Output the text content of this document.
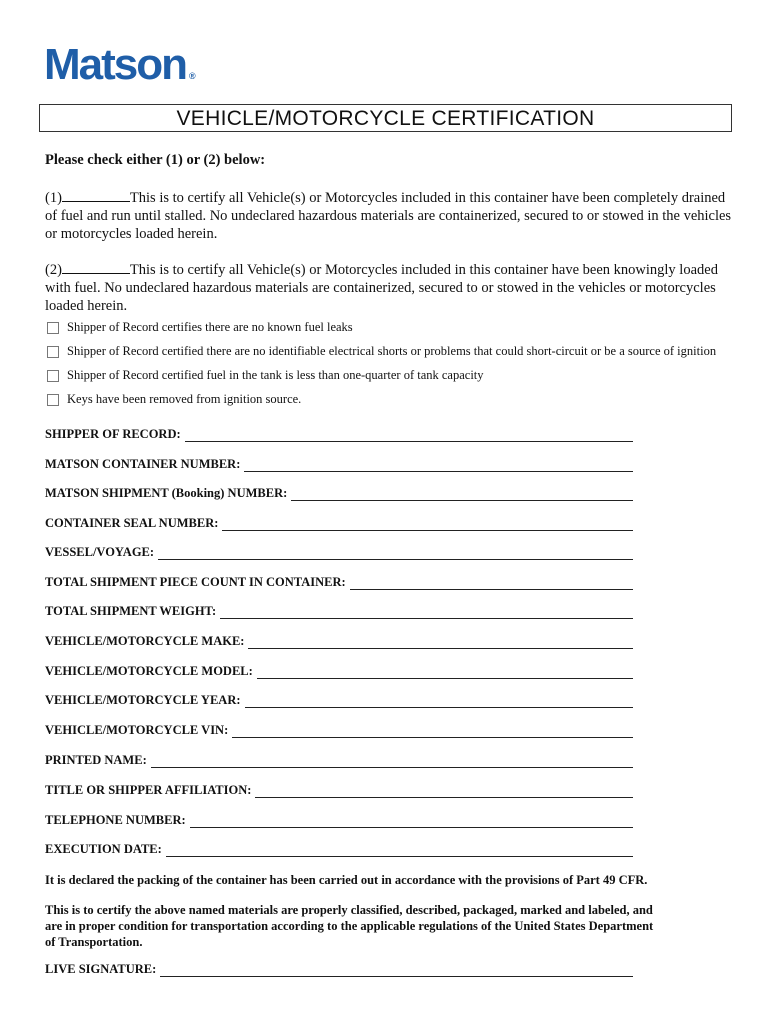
Matson ®
VEHICLE/MOTORCYCLE CERTIFICATION
Please check either (1) or (2) below:
(1)	This is to certify all Vehicle(s) or Motorcycles included in this container have been completely drained of fuel and run until stalled. No undeclared hazardous materials are containerized, secured to or stowed in the vehicles or motorcycles loaded herein.
(2)	This is to certify all Vehicle(s) or Motorcycles included in this container have been knowingly loaded with fuel. No undeclared hazardous materials are containerized, secured to or stowed in the vehicles or motorcycles loaded herein.
Shipper of Record certifies there are no known fuel leaks
Shipper of Record certified there are no identifiable electrical shorts or problems that could short-circuit or be a source of ignition
Shipper of Record certified fuel in the tank is less than one-quarter of tank capacity
Keys have been removed from ignition source.
SHIPPER OF RECORD:
MATSON CONTAINER NUMBER:
MATSON SHIPMENT (Booking) NUMBER:
CONTAINER SEAL NUMBER:
VESSEL/VOYAGE:
TOTAL SHIPMENT PIECE COUNT IN CONTAINER:
TOTAL SHIPMENT WEIGHT:
VEHICLE/MOTORCYCLE MAKE:
VEHICLE/MOTORCYCLE MODEL:
VEHICLE/MOTORCYCLE YEAR:
VEHICLE/MOTORCYCLE VIN:
PRINTED NAME:
TITLE OR SHIPPER AFFILIATION:
TELEPHONE NUMBER:
EXECUTION DATE:
It is declared the packing of the container has been carried out in accordance with the provisions of Part 49 CFR.
This is to certify the above named materials are properly classified, described, packaged, marked and labeled, and are in proper condition for transportation according to the applicable regulations of the United States Department of Transportation.
LIVE SIGNATURE:
